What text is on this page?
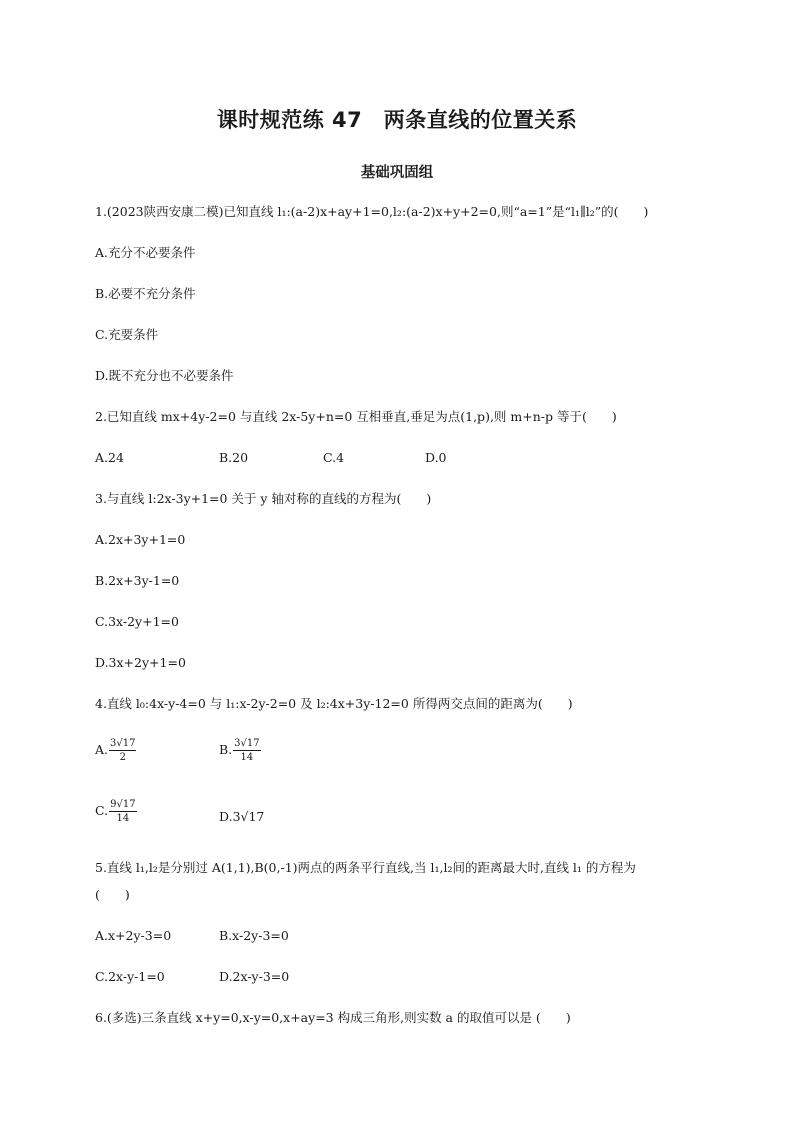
课时规范练 47　两条直线的位置关系
基础巩固组
1.(2023陕西安康二模)已知直线 l₁:(a-2)x+ay+1=0,l₂:(a-2)x+y+2=0,则“a=1”是“l₁∥l₂”的(　　)
A.充分不必要条件
B.必要不充分条件
C.充要条件
D.既不充分也不必要条件
2.已知直线 mx+4y-2=0 与直线 2x-5y+n=0 互相垂直,垂足为点(1,p),则 m+n-p 等于(　　)
A.24	B.20	C.4	D.0
3.与直线 l:2x-3y+1=0 关于 y 轴对称的直线的方程为(　　)
A.2x+3y+1=0
B.2x+3y-1=0
C.3x-2y+1=0
D.3x+2y+1=0
4.直线 l₀:4x-y-4=0 与 l₁:x-2y-2=0 及 l₂:4x+3y-12=0 所得两交点间的距离为(　　)
A. $\frac{3√17}{2}$	B. $\frac{3√17}{14}$
C. $\frac{9√17}{14}$	D.3√17
5.直线 l₁,l₂是分别过 A(1,1),B(0,-1)两点的两条平行直线,当 l₁,l₂间的距离最大时,直线 l₁ 的方程为
(　　)
A.x+2y-3=0	B.x-2y-3=0
C.2x-y-1=0	D.2x-y-3=0
6.(多选)三条直线 x+y=0,x-y=0,x+ay=3 构成三角形,则实数 a 的取值可以是 (　　)
